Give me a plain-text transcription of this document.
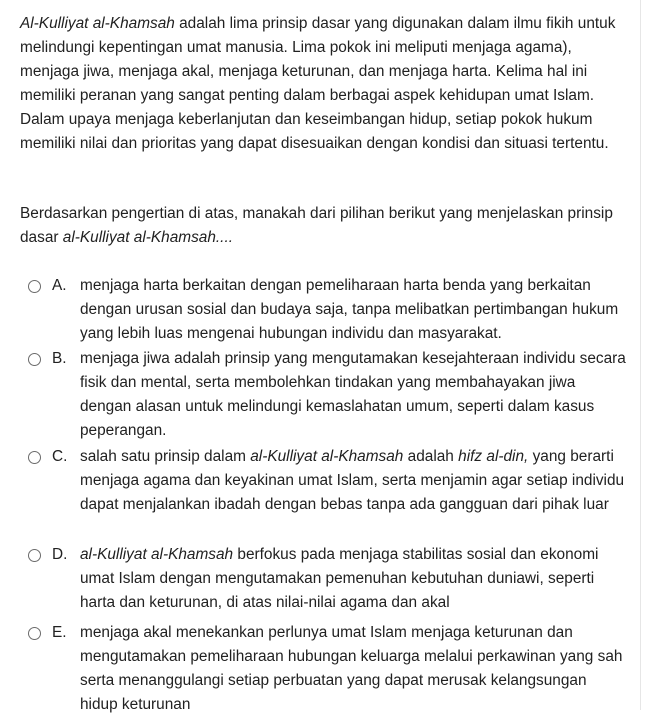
Al-Kulliyat al-Khamsah adalah lima prinsip dasar yang digunakan dalam ilmu fikih untuk melindungi kepentingan umat manusia. Lima pokok ini meliputi menjaga agama), menjaga jiwa, menjaga akal, menjaga keturunan, dan menjaga harta. Kelima hal ini memiliki peranan yang sangat penting dalam berbagai aspek kehidupan umat Islam. Dalam upaya menjaga keberlanjutan dan keseimbangan hidup, setiap pokok hukum memiliki nilai dan prioritas yang dapat disesuaikan dengan kondisi dan situasi tertentu.

Berdasarkan pengertian di atas, manakah dari pilihan berikut yang menjelaskan prinsip dasar al-Kulliyat al-Khamsah....

A. menjaga harta berkaitan dengan pemeliharaan harta benda yang berkaitan dengan urusan sosial dan budaya saja, tanpa melibatkan pertimbangan hukum yang lebih luas mengenai hubungan individu dan masyarakat.
B. menjaga jiwa adalah prinsip yang mengutamakan kesejahteraan individu secara fisik dan mental, serta membolehkan tindakan yang membahayakan jiwa dengan alasan untuk melindungi kemaslahatan umum, seperti dalam kasus peperangan.
C. salah satu prinsip dalam al-Kulliyat al-Khamsah adalah hifz al-din, yang berarti menjaga agama dan keyakinan umat Islam, serta menjamin agar setiap individu dapat menjalankan ibadah dengan bebas tanpa ada gangguan dari pihak luar
D. al-Kulliyat al-Khamsah berfokus pada menjaga stabilitas sosial dan ekonomi umat Islam dengan mengutamakan pemenuhan kebutuhan duniawi, seperti harta dan keturunan, di atas nilai-nilai agama dan akal
E. menjaga akal menekankan perlunya umat Islam menjaga keturunan dan mengutamakan pemeliharaan hubungan keluarga melalui perkawinan yang sah serta menanggulangi setiap perbuatan yang dapat merusak kelangsungan hidup keturunan
